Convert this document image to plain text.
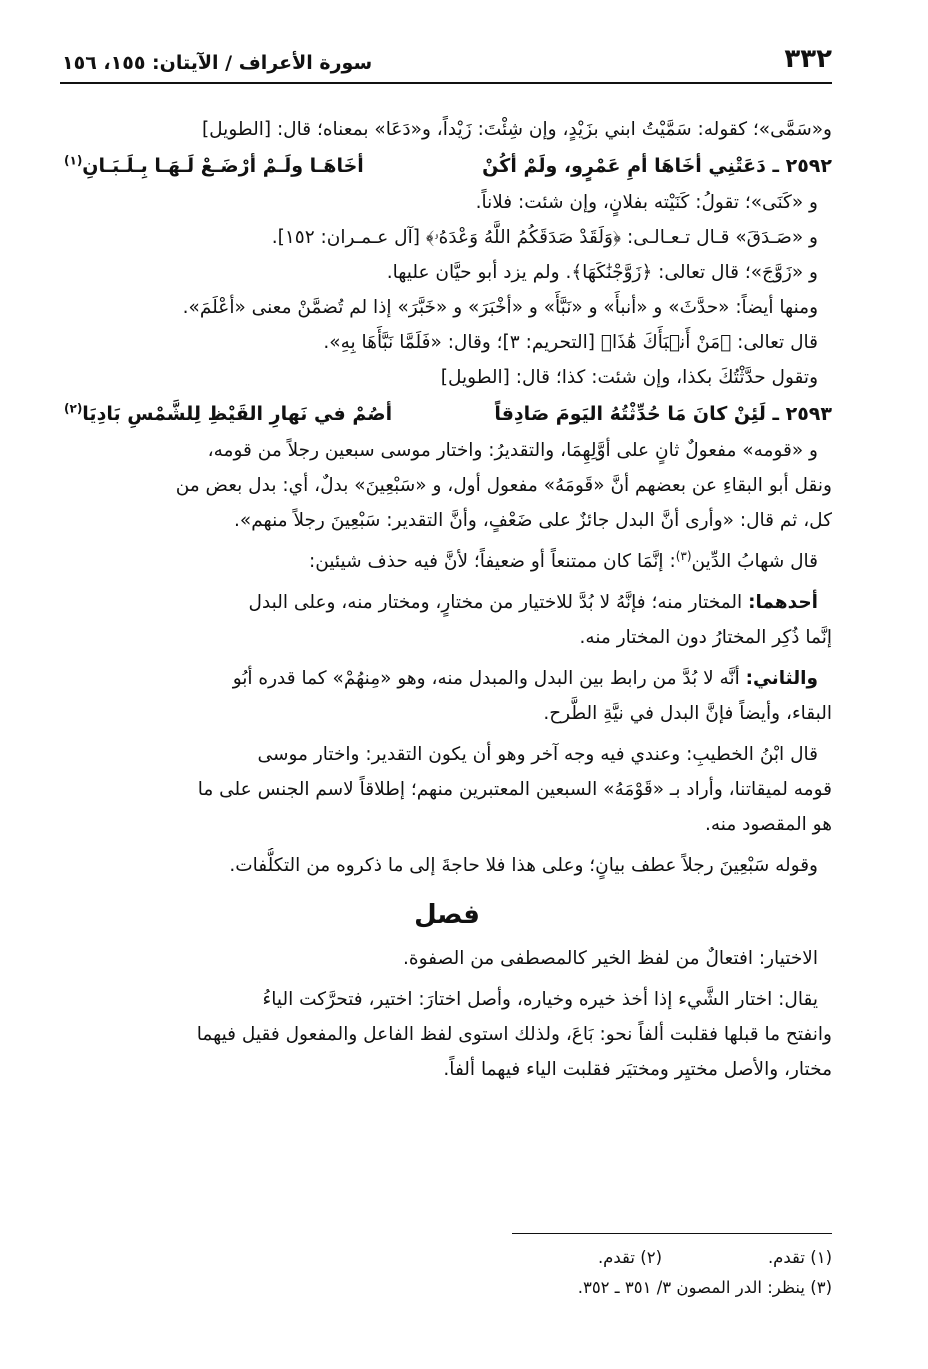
٣٣٢
سورة الأعراف / الآيتان: ١٥٥، ١٥٦

و«سَمَّى»؛ كقوله: سَمَّيْتُ ابني بزَيْدٍ، وإن شِئْتَ: زَيْداً، و«دَعَا» بمعناه؛ قال: [الطويل]

٢٥٩٢ ـ دَعَتْنِي أخَاهَا أمِ عَمْرٍو، ولَمْ أكُنْ
أخَاهَـا ولَـمْ أرْضَـعْ لَـهَـا بِـلَـبَـانِ$^{(١)}$

و «كَنَى»؛ تقولُ: كَنَيْته بفلانٍ، وإن شئت: فلاناً.

و «صَـدَقَ» قـال تـعـالـى: ﴿وَلَقَدْ صَدَقَكُمُ اللَّهُ وَعْدَهُۥ﴾ [آل عـمـران: ١٥٢].

و «زَوَّجَ»؛ قال تعالى: ﴿زَوَّجْنَٰكَهَا﴾. ولم يزد أبو حيَّان عليها.

ومنها أيضاً: «حدَّثَ» و «أنبأَ» و «نَبَّأَ» و «أخْبَرَ» و «خَبَّرَ» إذا لم تُضمَّنْ معنى «أعْلَمَ».

قال تعالى: ﴿مَنْ أَنۢبَأَكَ هَٰذَا﴾ [التحريم: ٣]؛ وقال: «فَلَمَّا نَبَّأَهَا بِهِ».

وتقول حدَّثْتُكَ بكذا، وإن شئت: كذا؛ قال: [الطويل]

٢٥٩٣ ـ لَئِنْ كانَ مَا حُدِّثْتُهُ اليَومَ صَادِقاً
أصُمْ في نَهارِ القَيْظِ لِلشَّمْسِ بَادِيَا$^{(٢)}$

و «قومه» مفعولٌ ثانٍ على أوَّلِهِمَا، والتقديرُ: واختار موسى سبعين رجلاً من قومه،

ونقل أبو البقاءِ عن بعضهم أنَّ «قَومَهُ» مفعول أول، و «سَبْعِينَ» بدلٌ، أي: بدل بعض من

كل، ثم قال: «وأرى أنَّ البدل جائزٌ على ضَعْفٍ، وأنَّ التقدير: سَبْعِينَ رجلاً منهم».

قال شهابُ الدِّين$^{(٣)}$: إنَّمَا كان ممتنعاً أو ضعيفاً؛ لأنَّ فيه حذف شيئين:

أحدهما: المختار منه؛ فإنَّهُ لا بُدَّ للاختيار من مختارٍ، ومختار منه، وعلى البدل

إنَّما ذُكِر المختارُ دون المختار منه.

والثاني: أنَّه لا بُدَّ من رابط بين البدل والمبدل منه، وهو «مِنهُمْ» كما قدره أبُو

البقاء، وأيضاً فإنَّ البدل في نيَّةِ الطَّرح.

قال ابْنُ الخطيبِ: وعندي فيه وجه آخر وهو أن يكون التقدير: واختار موسى

قومه لميقاتنا، وأراد بـ «قَوْمَهُ» السبعين المعتبرين منهم؛ إطلاقاً لاسم الجنس على ما

هو المقصود منه.

وقوله سَبْعِينَ رجلاً عطف بيانٍ؛ وعلى هذا فلا حاجةَ إلى ما ذكروه من التكلُّفات.

فصل

الاختيار: افتعالٌ من لفظ الخير كالمصطفى من الصفوة.

يقال: اختار الشَّيء إذا أخذ خيره وخياره، وأصل اختارَ: اختير، فتحرَّكت الياءُ

وانفتح ما قبلها فقلبت ألفاً نحو: بَاعَ، ولذلك استوى لفظ الفاعل والمفعول فقيل فيهما

مختار، والأصل مختيِر ومختيَر فقلبت الياء فيهما ألفاً.

(١) تقدم.
(٢) تقدم.
(٣) ينظر: الدر المصون ٣/ ٣٥١ ـ ٣٥٢.
